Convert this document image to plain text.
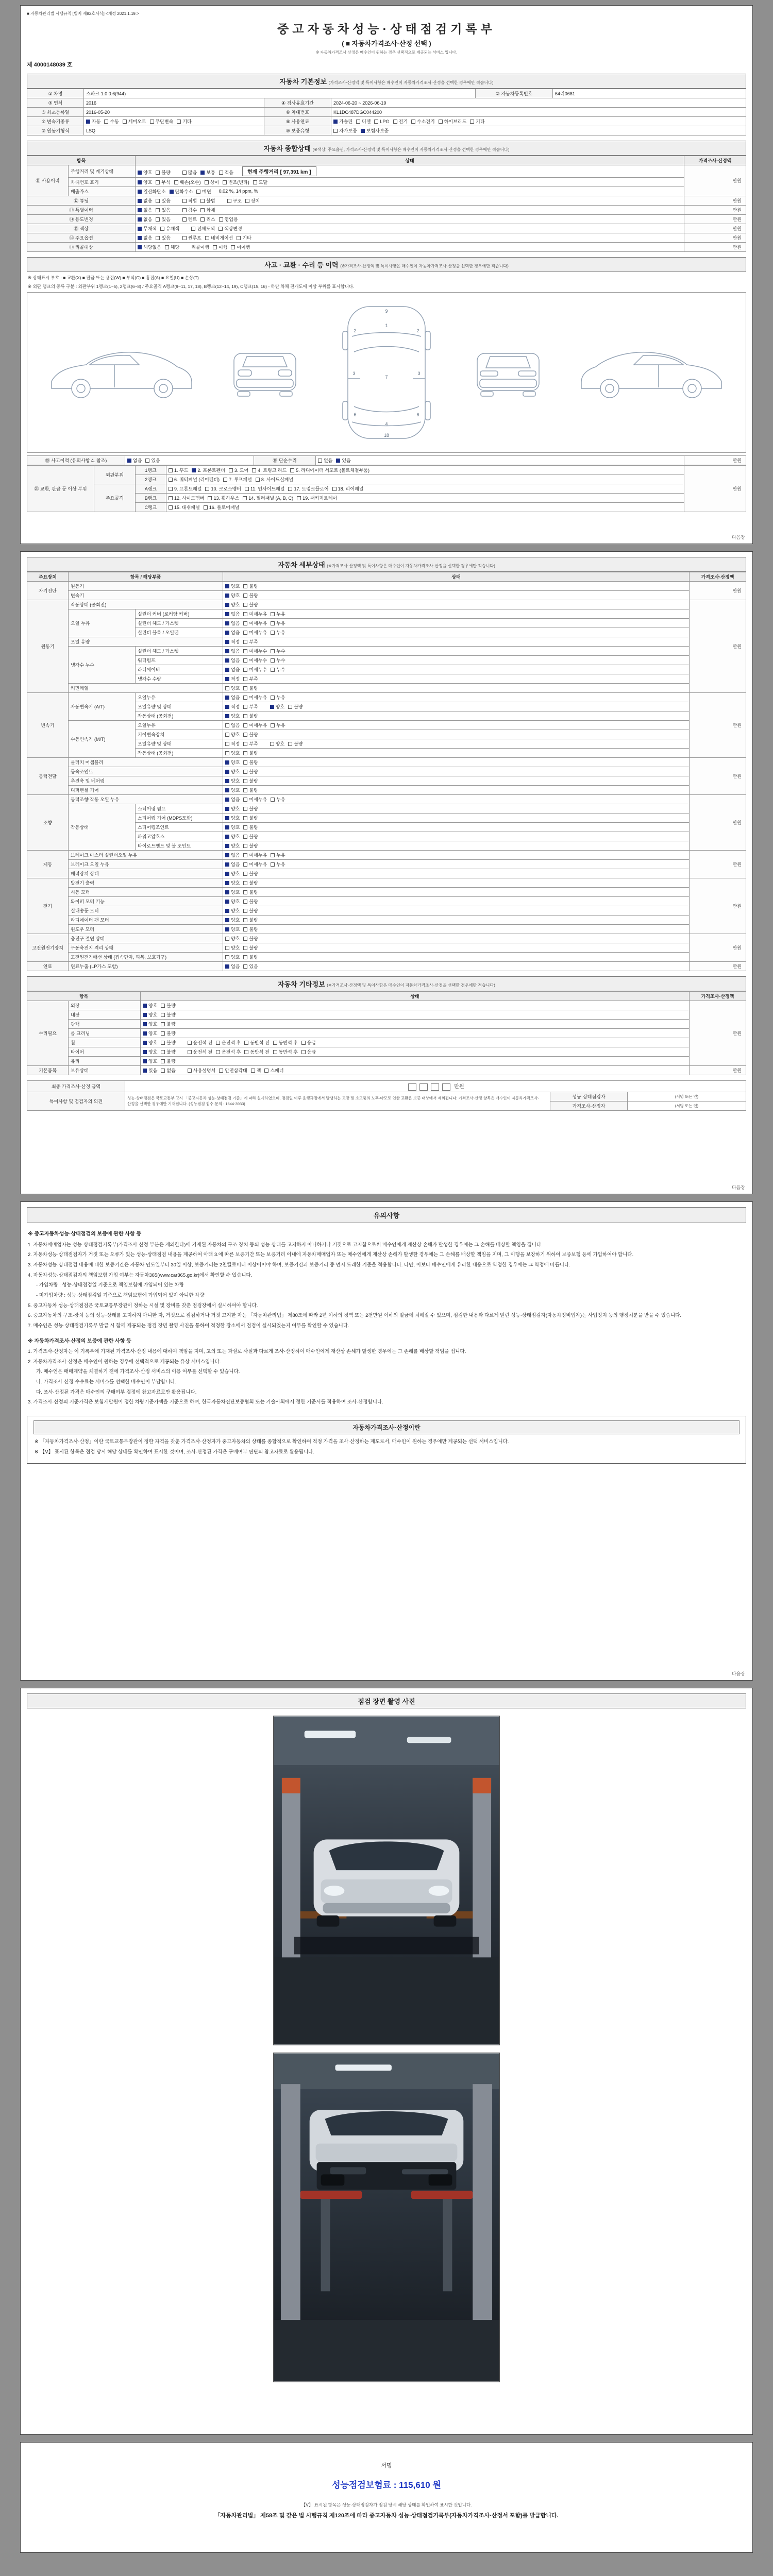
■ 자동차관리법 시행규칙 [별지 제82호서식] <개정 2021.1.19.>
중고자동차성능·상태점검기록부
( ■ 자동차가격조사·산정 선택 )
※ 자동차가격조사·산정은 매수인이 원하는 경우 선택적으로 제공되는 서비스 입니다.
제 4000148039 호
자동차 기본정보 (가격조사·산정액 및 특이사항은 매수인이 자동차가격조사·산정을 선택한 경우에만 적습니다)
① 차명	스파크 1.0 0.6(944)			② 자동차등록번호	64러0681
③ 연식	2016	④ 검사유효기간	2024-06-20 ~ 2026-06-19		
⑤ 최초등록일	2016-05-20	⑥ 차대번호	KL1DC487DGC044200		
⑦ 변속기종류	자동 수동 세미오토 무단변속 기타	⑧ 사용연료	가솔린 디젤 LPG 전기 수소전기 하이브리드 기타

⑨ 원동기형식	LSQ	⑩ 보증유형	자가보증 보험사보증		
자동차 종합상태 (※색상, 주요옵션, 가격조사·산정액 및 특이사항은 매수인이 자동차가격조사·산정을 선택한 경우에만 적습니다)
항목		상태	가격조사·산정액
⑪ 사용이력	주행거리 및 계기상태	양호 불량	많음 보통 적음	현재 주행거리 [ 97,391 km ]	만원
차대번호 표기	양호 부식 훼손(오손) 상이 변조(변타) 도말

	배출가스	일산화탄소 탄화수소 매연 0.02 %, 14 ppm, %	
⑫ 튜닝	없음 있음	적법 불법	구조 장치	만원
⑬ 특별이력		없음 있음 침수 화재	만원
⑭ 용도변경		없음 있음 렌트 리스 영업용	만원
⑮ 색상		무채색 유채색 전체도색 색상변경	만원
⑯ 주요옵션		없음 있음 썬루프 네비게이션 기타	만원
⑰ 리콜대상		해당없음 해당 리콜이행 이행 미이행	만원
사고 · 교환 · 수리 등 이력 (※가격조사·산정액 및 특이사항은 매수인이 자동차가격조사·산정을 선택한 경우에만 적습니다)
※ 상태표시 부호 : ■ 교환(X) ■ 판금 또는 용접(W) ■ 부식(C) ■ 흠집(A) ■ 요철(U) ■ 손상(T)
※ 외판 랭크의 종류 구분 : 외판부위 1랭크(1~5), 2랭크(6~8) / 주요골격 A랭크(9~11, 17, 18), B랭크(12~14, 19), C랭크(15, 16) - 하단 차체 전개도에 이상 부위를 표시합니다.
9
1
2	2
3	3
7
6	6
4
18
⑱ 사고이력 (유의사항 4. 참조)	없음 있음	⑲ 단순수리	없음 있음	만원
⑳ 교환, 판금 등 이상 부위	외판부위	1랭크	1. 후드 2. 프론트펜더 3. 도어 4. 트렁크 리드 5. 라디에이터 서포트 (볼트체결부품)	만원
		2랭크	6. 쿼터패널 (리어펜더) 7. 루프패널 8. 사이드실패널	

	주요골격	A랭크	9. 프론트패널 10. 크로스멤버 11. 인사이드패널 17. 트렁크플로어 18. 리어패널	

		B랭크	12. 사이드멤버 13. 휠하우스 14. 필러패널 (A, B, C) 19. 패키지트레이	

		C랭크	15. 대쉬패널 16. 플로어패널	
다음장
자동차 세부상태 (※가격조사·산정액 및 특이사항은 매수인이 자동차가격조사·산정을 선택한 경우에만 적습니다)
주요장치	항목 / 해당부품		상태	가격조사·산정액
자기진단	원동기		양호 불량	만원
	변속기		양호 불량	

원동기	작동상태 (공회전)		양호 불량	만원
	오일 누유	실린더 커버 (로커암 커버)	없음 미세누유 누유	

		실린더 헤드 / 가스켓	없음 미세누유 누유	

		실린더 블록 / 오일팬	없음 미세누유 누유	

	오일 유량		적정 부족	

	냉각수 누수	실린더 헤드 / 가스켓	없음 미세누수 누수	

		워터펌프	없음 미세누수 누수	

		라디에이터	없음 미세누수 누수	

		냉각수 수량	적정 부족	

	커먼레일		양호 불량	

변속기	자동변속기 (A/T)	오일누유	없음 미세누유 누유	만원
		오일유량 및 상태	적정 부족 양호 불량	

		작동상태 (공회전)	양호 불량	

	수동변속기 (M/T)	오일누유	없음 미세누유 누유	

		기어변속장치	양호 불량	

		오일유량 및 상태	적정 부족 양호 불량	

		작동상태 (공회전)	양호 불량	

동력전달	클러치 어셈블리		양호 불량	만원
	등속조인트		양호 불량	

	추진축 및 베어링		양호 불량	

	디퍼렌셜 기어		양호 불량	

조향	동력조향 작동 오일 누유		없음 미세누유 누유	만원
	작동상태	스티어링 펌프	양호 불량	

		스티어링 기어 (MDPS포함)	양호 불량	

		스티어링조인트	양호 불량	

		파워고압호스	양호 불량	

		타이로드엔드 및 볼 조인트	양호 불량	

제동	브레이크 마스터 실린더오일 누유		없음 미세누유 누유	만원
	브레이크 오일 누유		없음 미세누유 누유	

	배력장치 상태		양호 불량	

전기	발전기 출력		양호 불량	만원
	시동 모터		양호 불량	

	와이퍼 모터 기능		양호 불량	

	실내송풍 모터		양호 불량	

	라디에이터 팬 모터		양호 불량	

	윈도우 모터		양호 불량	

고전원전기장치	충전구 절연 상태		양호 불량	만원
	구동축전지 격리 상태		양호 불량	

	고전원전기배선 상태 (접속단자, 피복, 보호기구)		양호 불량	

연료	연료누출 (LP가스 포함)		없음 있음	만원
자동차 기타정보 (※가격조사·산정액 및 특이사항은 매수인이 자동차가격조사·산정을 선택한 경우에만 적습니다)
항목		상태	가격조사·산정액
수리필요	외장	양호 불량	만원
	내장	양호 불량	

	광택	양호 불량	

	룸 크리닝	양호 불량	

휠	양호 불량	운전석 전 운전석 후 동반석 전 동반석 후 응급

타이어	양호 불량	운전석 전 운전석 후 동반석 전 동반석 후 응급

	유리	양호 불량	

기본품목	보유상태	있음 없음	사용설명서 안전삼각대 잭 스패너	만원
최종 가격조사·산정 금액	만원		
특이사항 및 점검자의 의견	성능·상태점검은 국토교통부 고시 「중고자동차 성능·상태점검 기준」에 따라 실시하였으며, 점검일 이후 운행과정에서 발생하는 고장 및 소모품의 노후·마모로 인한 교환은 보증 대상에서 제외됩니다. 가격조사·산정 항목은 매수인이 자동차가격조사·산정을 선택한 경우에만 기재됩니다. (성능점검 접수·문의 : 1644-3933)	성능·상태점검자	(서명 또는 인)
		가격조사·산정자	(서명 또는 인)
다음장
유의사항
※ 중고자동차성능·상태점검의 보증에 관한 사항 등
1. 자동차매매업자는 성능·상태점검기록부(가격조사·산정 부분은 제외한다)에 기재된 자동차의 구조·장치 등의 성능·상태를 고지하지 아니하거나 거짓으로 고지함으로써 매수인에게 재산상 손해가 발생한 경우에는 그 손해를 배상할 책임을 집니다.
2. 자동차성능·상태점검자가 거짓 또는 오류가 있는 성능·상태점검 내용을 제공하여 아래 3.에 따른 보증기간 또는 보증거리 이내에 자동차매매업자 또는 매수인에게 재산상 손해가 발생한 경우에는 그 손해를 배상할 책임을 지며, 그 이행을 보장하기 위하여 보증보험 등에 가입하여야 합니다.
3. 자동차성능·상태점검 내용에 대한 보증기간은 자동차 인도일부터 30일 이상, 보증거리는 2천킬로미터 이상이어야 하며, 보증기간과 보증거리 중 먼저 도래한 기준을 적용합니다. 다만, 이보다 매수인에게 유리한 내용으로 약정한 경우에는 그 약정에 따릅니다.
4. 자동차성능·상태점검자의 책임보험 가입 여부는 자동차365(www.car365.go.kr)에서 확인할 수 있습니다.
- 가입차량 : 성능·상태점검일 기준으로 책임보험에 가입되어 있는 차량
- 미가입차량 : 성능·상태점검일 기준으로 책임보험에 가입되어 있지 아니한 차량
5. 중고자동차 성능·상태점검은 국토교통부장관이 정하는 시설 및 장비를 갖춘 점검장에서 실시하여야 합니다.
6. 중고자동차의 구조·장치 등의 성능·상태를 고지하지 아니한 자, 거짓으로 점검하거나 거짓 고지한 자는 「자동차관리법」 제80조에 따라 2년 이하의 징역 또는 2천만원 이하의 벌금에 처해질 수 있으며, 점검한 내용과 다르게 알린 성능·상태점검자(자동차정비업자)는 사업정지 등의 행정처분을 받을 수 있습니다.
7. 매수인은 성능·상태점검기록부 발급 시 함께 제공되는 점검 장면 촬영 사진을 통하여 적정한 장소에서 점검이 실시되었는지 여부를 확인할 수 있습니다.
※ 자동차가격조사·산정의 보증에 관한 사항 등
1. 가격조사·산정자는 이 기록부에 기재된 가격조사·산정 내용에 대하여 책임을 지며, 고의 또는 과실로 사실과 다르게 조사·산정하여 매수인에게 재산상 손해가 발생한 경우에는 그 손해를 배상할 책임을 집니다.
2. 자동차가격조사·산정은 매수인이 원하는 경우에 선택적으로 제공되는 유상 서비스입니다.
가. 매수인은 매매계약을 체결하기 전에 가격조사·산정 서비스의 이용 여부를 선택할 수 있습니다.
나. 가격조사·산정 수수료는 서비스를 선택한 매수인이 부담합니다.
다. 조사·산정된 가격은 매수인의 구매여부 결정에 참고자료로만 활용됩니다.
3. 가격조사·산정의 기준가격은 보험개발원이 정한 차량기준가액을 기준으로 하며, 한국자동차진단보증협회 또는 기술사회에서 정한 기준서를 적용하여 조사·산정합니다.
자동차가격조사·산정이란
※ 「자동차가격조사·산정」이란 국토교통부장관이 정한 자격을 갖춘 가격조사·산정자가 중고자동차의 상태를 종합적으로 확인하여 적정 가격을 조사·산정하는 제도로서, 매수인이 원하는 경우에만 제공되는 선택 서비스입니다.
※ 【Ⅴ】 표시된 항목은 점검 당시 해당 상태를 확인하여 표시한 것이며, 조사·산정된 가격은 구매여부 판단의 참고자료로 활용됩니다.
다음장
점검 장면 촬영 사진
서명
성능점검보험료 : 115,610 원
【Ⅴ】 표시된 항목은 성능·상태점검자가 점검 당시 해당 상태를 확인하여 표시한 것입니다.
「자동차관리법」 제58조 및 같은 법 시행규칙 제120조에 따라 중고자동차 성능·상태점검기록부(자동차가격조사·산정서 포함)를 발급합니다.
